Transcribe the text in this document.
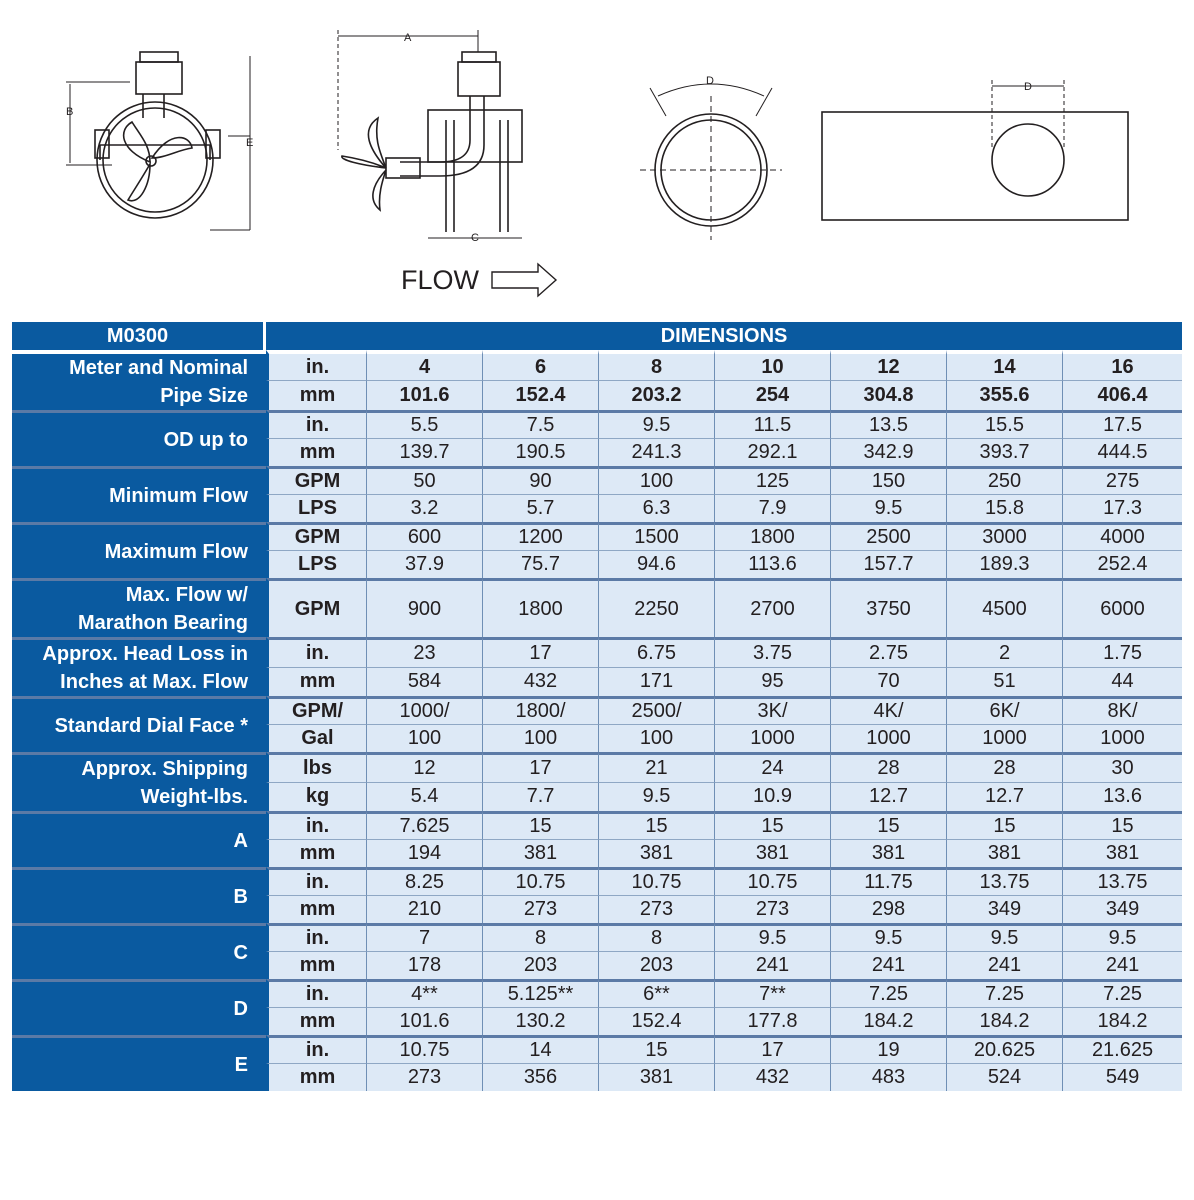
A
B
C
D	D
E
FLOW
M0300	DIMENSIONS							

Meter and Nominal
Pipe Size	in.	4	6	8	10	12	14	16
	mm	101.6	152.4	203.2	254	304.8	355.6	406.4

OD up to	in.	5.5	7.5	9.5	11.5	13.5	15.5	17.5
	mm	139.7	190.5	241.3	292.1	342.9	393.7	444.5

Minimum Flow	GPM	50	90	100	125	150	250	275
	LPS	3.2	5.7	6.3	7.9	9.5	15.8	17.3

Maximum Flow	GPM	600	1200	1500	1800	2500	3000	4000
	LPS	37.9	75.7	94.6	113.6	157.7	189.3	252.4

Max. Flow w/
Marathon Bearing	GPM	900	1800	2250	2700	3750	4500	6000

Approx. Head Loss in
Inches at Max. Flow	in.	23	17	6.75	3.75	2.75	2	1.75
	mm	584	432	171	95	70	51	44

Standard Dial Face *	GPM/	1000/	1800/	2500/	3K/	4K/	6K/	8K/
	Gal	100	100	100	1000	1000	1000	1000

Approx. Shipping
Weight-lbs.	lbs	12	17	21	24	28	28	30
	kg	5.4	7.7	9.5	10.9	12.7	12.7	13.6

A	in.	7.625	15	15	15	15	15	15
	mm	194	381	381	381	381	381	381

B	in.	8.25	10.75	10.75	10.75	11.75	13.75	13.75
	mm	210	273	273	273	298	349	349

C	in.	7	8	8	9.5	9.5	9.5	9.5
	mm	178	203	203	241	241	241	241

D	in.	4**	5.125**	6**	7**	7.25	7.25	7.25
	mm	101.6	130.2	152.4	177.8	184.2	184.2	184.2

E	in.	10.75	14	15	17	19	20.625	21.625
	mm	273	356	381	432	483	524	549
